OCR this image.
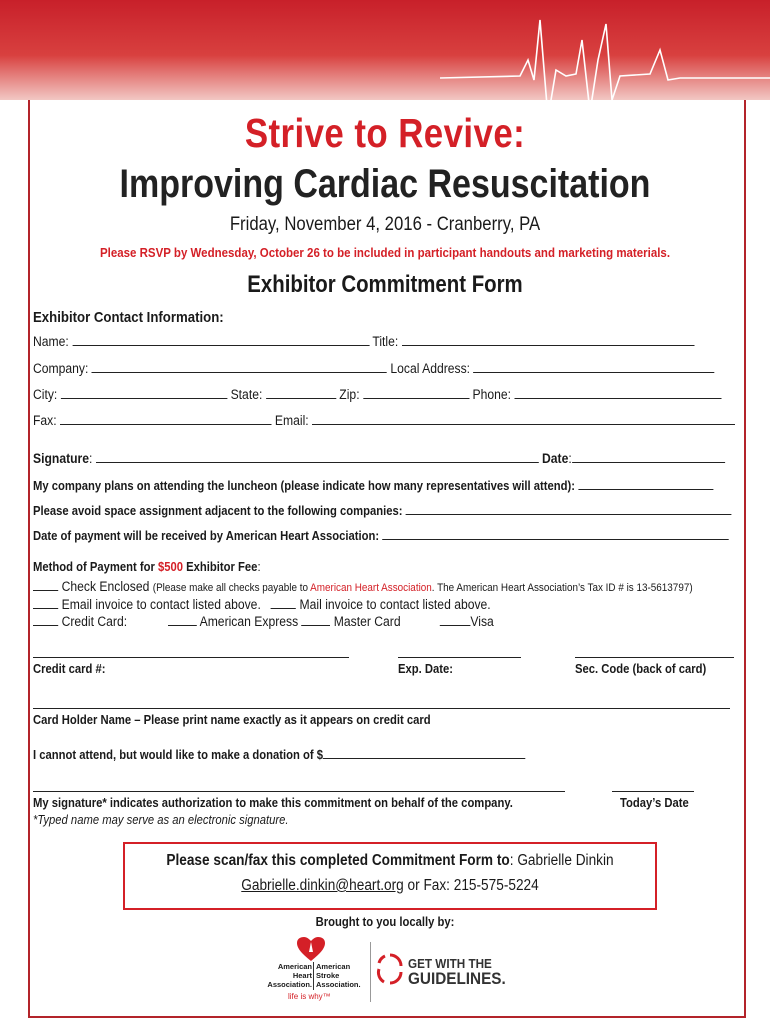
Strive to Revive:
Improving Cardiac Resuscitation
Friday, November 4, 2016 - Cranberry, PA
Please RSVP by Wednesday, October 26 to be included in participant handouts and marketing materials.
Exhibitor Commitment Form
Exhibitor Contact Information:
Name:	Title:
Company:	Local Address:
City:	State:	Zip:	Phone:
Fax:	Email:
Signature:	Date:
My company plans on attending the luncheon (please indicate how many representatives will attend):
Please avoid space assignment adjacent to the following companies:
Date of payment will be received by American Heart Association:
Method of Payment for $500 Exhibitor Fee:
Check Enclosed (Please make all checks payable to American Heart Association. The American Heart Association’s Tax ID # is 13-5613797)
Email invoice to contact listed above.	Mail invoice to contact listed above.
Credit Card:	American Express	Master Card	Visa
Credit card #:	Exp. Date:	Sec. Code (back of card)
Card Holder Name – Please print name exactly as it appears on credit card
I cannot attend, but would like to make a donation of $
My signature* indicates authorization to make this commitment on behalf of the company.	Today’s Date
*Typed name may serve as an electronic signature.
Please scan/fax this completed Commitment Form to: Gabrielle Dinkin
Gabrielle.dinkin@heart.org or Fax: 215-575-5224
Brought to you locally by:
American
Heart
Association.
American
Stroke
Association.
life is why™
GET WITH THE
GUIDELINES.
